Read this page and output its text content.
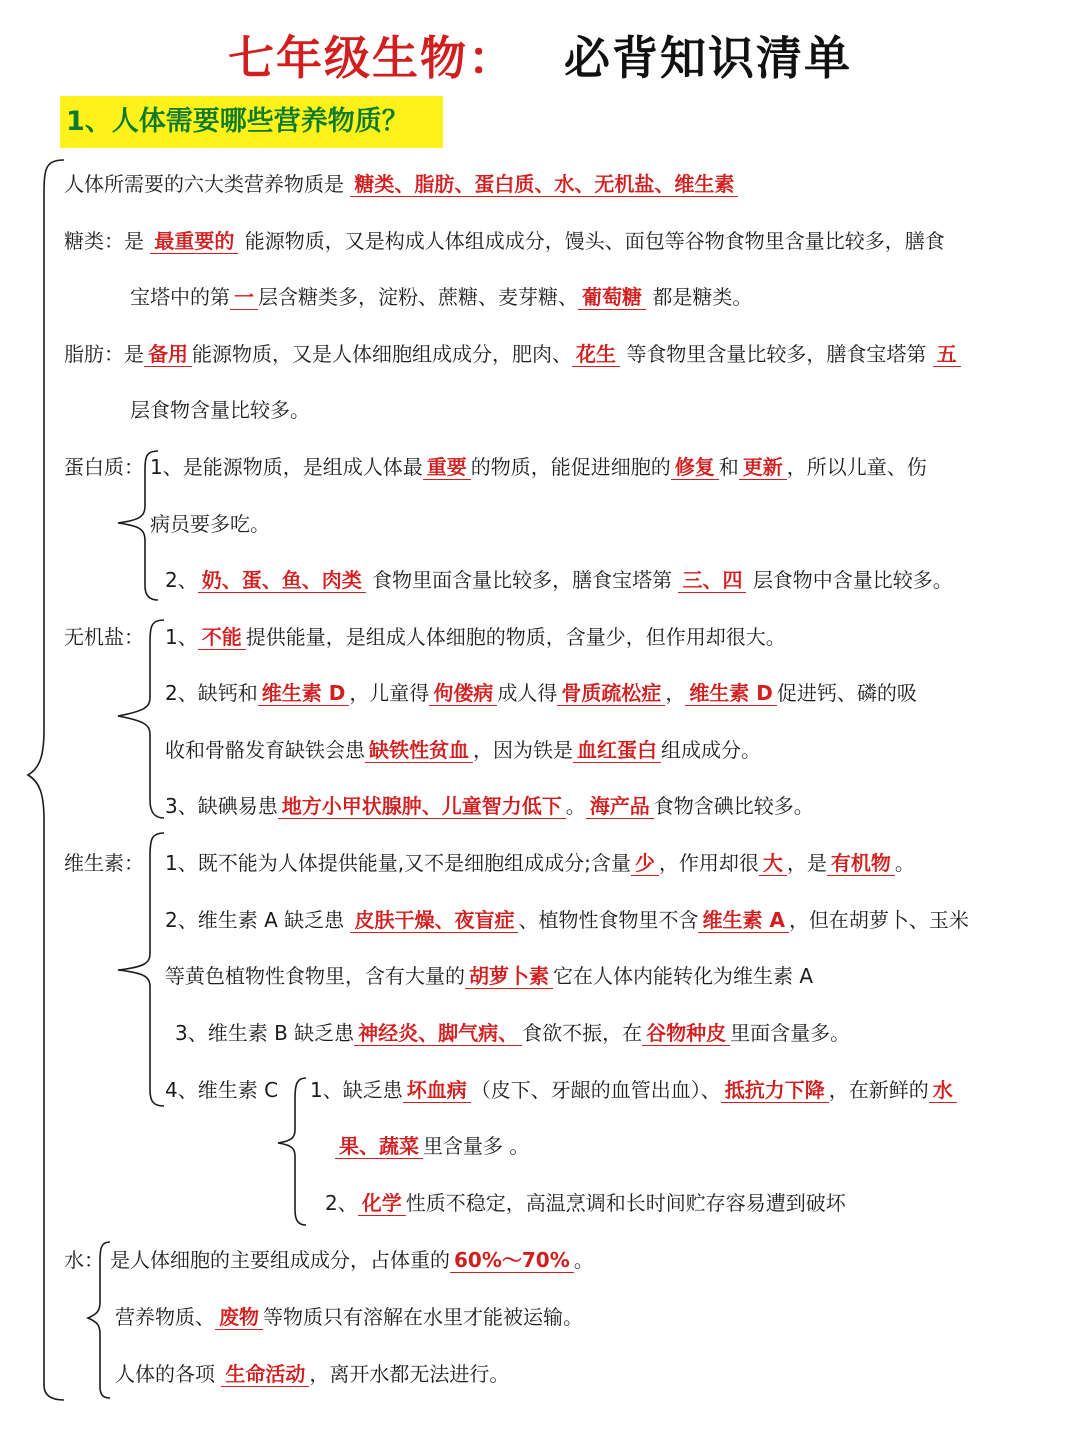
七年级生物： 必背知识清单
1、人体需要哪些营养物质？
人体所需要的六大类营养物质是 糖类、脂肪、蛋白质、水、无机盐、维生素
糖类：是 最重要的 能源物质，又是构成人体组成成分，馒头、面包等谷物食物里含量比较多，膳食
宝塔中的第 一 层含糖类多，淀粉、蔗糖、麦芽糖、 葡萄糖 都是糖类。
脂肪：是 备用 能源物质，又是人体细胞组成成分，肥肉、 花生 等食物里含量比较多，膳食宝塔第 五
层食物含量比较多。
蛋白质： 1、是能源物质，是组成人体最 重要 的物质，能促进细胞的 修复 和 更新 ，所以儿童、伤
病员要多吃。
2、 奶、蛋、鱼、肉类 食物里面含量比较多，膳食宝塔第 三、四 层食物中含量比较多。
无机盐： 1、 不能 提供能量，是组成人体细胞的物质，含量少，但作用却很大。
2、缺钙和 维生素 D ，儿童得 佝偻病 成人得 骨质疏松症 ， 维生素 D 促进钙、磷的吸
收和骨骼发育缺铁会患 缺铁性贫血 ，因为铁是 血红蛋白 组成成分。
3、缺碘易患 地方小甲状腺肿、儿童智力低下 。 海产品 食物含碘比较多。
维生素： 1、既不能为人体提供能量,又不是细胞组成成分;含量 少 ，作用却很 大 ，是 有机物 。
2、维生素 A 缺乏患 皮肤干燥、夜盲症 、植物性食物里不含 维生素 A ，但在胡萝卜、玉米
等黄色植物性食物里，含有大量的 胡萝卜素 它在人体内能转化为维生素 A
3、维生素 B 缺乏患 神经炎、脚气病、 食欲不振，在 谷物种皮 里面含量多。
4、维生素 C 1、缺乏患 坏血病 （皮下、牙龈的血管出血）、 抵抗力下降 ，在新鲜的 水
果、蔬菜 里含量多 。
2、 化学 性质不稳定，高温烹调和长时间贮存容易遭到破坏
水： 是人体细胞的主要组成成分，占体重的 60%～70% 。
营养物质、 废物 等物质只有溶解在水里才能被运输。
人体的各项 生命活动 ，离开水都无法进行。
